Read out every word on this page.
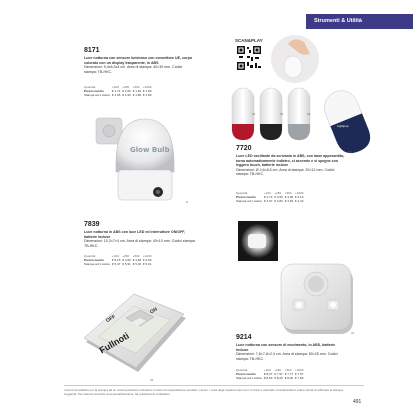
Strumenti & Utilità
8171
Luce notturna con sensore luminoso con connettore UE, corpo colorato con un display trasparente, in ABS
Dimensioni: 9,4x6,3x4 cm. Area di stampa: 40×30 mm. Codici stampa: TB-HKC.
Quantità	+100	+250	+500	+1000
Prezzo neutro	€ 1,74	€ 1,69	€ 1,64	€ 1,59
Stampa ad 1 colore	€ 1,95	€ 1,90	€ 1,85	€ 1,80
Glow Bulb
E
SCAN&PLAY
Lightpup
01	02	03
13
7720
Luce LED oscillante da scrivania in ABS, con base appesantita, torna automaticamente indietro, si accende e si spegne con leggero touch, batterie incluse
Dimensioni: Ø 4,6×8,5 cm. Area di stampa: 20×12 mm. Codici stampa: TB-HKC.
Quantità	+100	+250	+500	+1000
Prezzo neutro	€ 4,73	€ 4,59	€ 4,39	€ 4,19
Stampa ad 1 colore	€ 4,97	€ 4,83	€ 4,63	€ 4,43
7839
Luce notturna in ABS con luce LED ed interruttore ON/OFF, batterie incluse
Dimensioni: 10,3×7×4 cm. Area di stampa: 40×10 mm. Codici stampa: TB-HKC.
Quantità	+100	+250	+500	+1000
Prezzo neutro	€ 5,15	€ 4,99	€ 4,84	€ 4,69
Stampa ad 1 colore	€ 5,47	€ 5,31	€ 5,16	€ 5,01
OFF
ON
Fullnoti
03
01
9214
Luce notturna con sensore di movimento, in ABS, batterie incluse
Dimensioni: 7,8×7,8×2,4 cm. Area di stampa: 50×25 mm. Codici stampa: TB-HKC.
Quantità	+100	+250	+500	+1000
Prezzo neutro	€ 8,37	€ 7,97	€ 7,77	€ 7,57
Stampa ad 1 colore	€ 8,69	€ 8,29	€ 8,09	€ 7,89
I prezzi al pubblico per la stampa ad un colore/posizione includono il costo di manipolazione prodotto, l'avvio. I costi degli impianti sono tuoi. Il costo è calcolato considerando il colore prima di utilizzare la stampa suggerita. Per ulteriori tecniche di personalizzazione, fai preghiera di contattarci.
491
